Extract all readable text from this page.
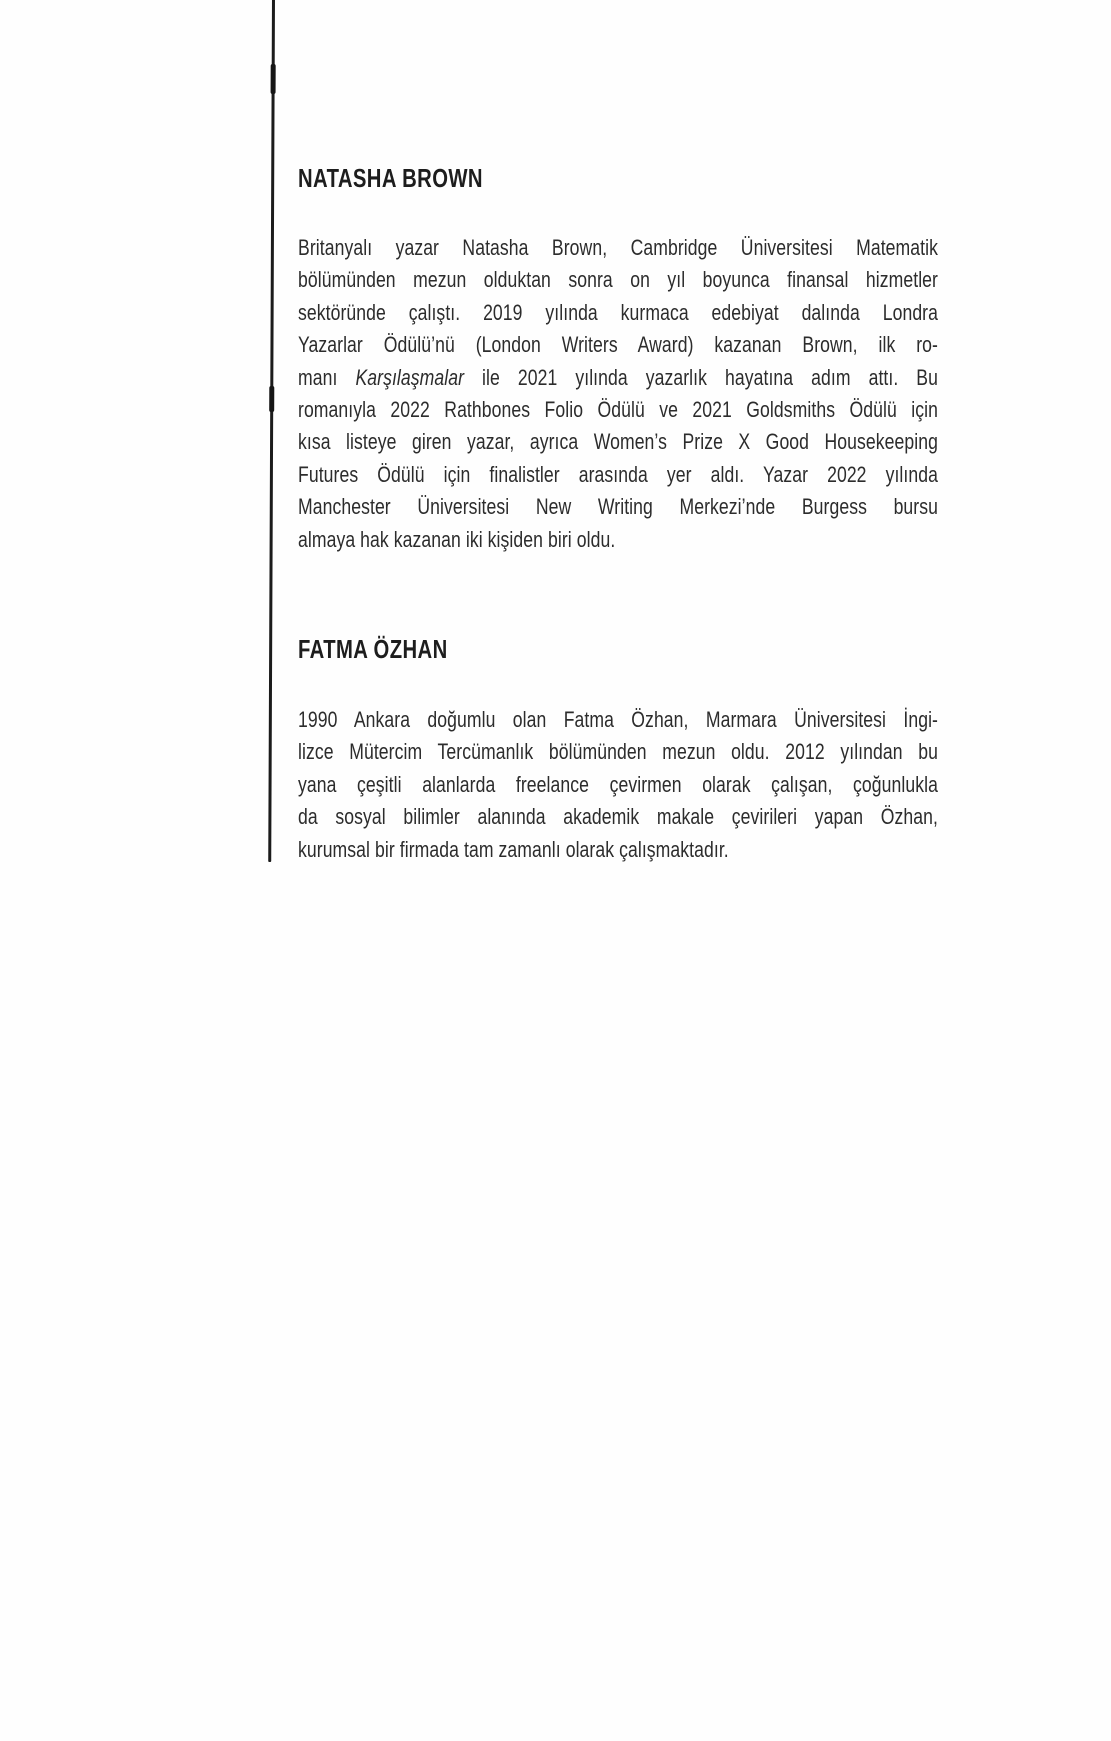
NATASHA BROWN
Britanyalı yazar Natasha Brown, Cambridge Üniversitesi Matematik
bölümünden mezun olduktan sonra on yıl boyunca finansal hizmetler
sektöründe çalıştı. 2019 yılında kurmaca edebiyat dalında Londra
Yazarlar Ödülü’nü (London Writers Award) kazanan Brown, ilk ro-
manı Karşılaşmalar ile 2021 yılında yazarlık hayatına adım attı. Bu
romanıyla 2022 Rathbones Folio Ödülü ve 2021 Goldsmiths Ödülü için
kısa listeye giren yazar, ayrıca Women’s Prize X Good Housekeeping
Futures Ödülü için finalistler arasında yer aldı. Yazar 2022 yılında
Manchester Üniversitesi New Writing Merkezi’nde Burgess bursu
almaya hak kazanan iki kişiden biri oldu.
FATMA ÖZHAN
1990 Ankara doğumlu olan Fatma Özhan, Marmara Üniversitesi İngi-
lizce Mütercim Tercümanlık bölümünden mezun oldu. 2012 yılından bu
yana çeşitli alanlarda freelance çevirmen olarak çalışan, çoğunlukla
da sosyal bilimler alanında akademik makale çevirileri yapan Özhan,
kurumsal bir firmada tam zamanlı olarak çalışmaktadır.
